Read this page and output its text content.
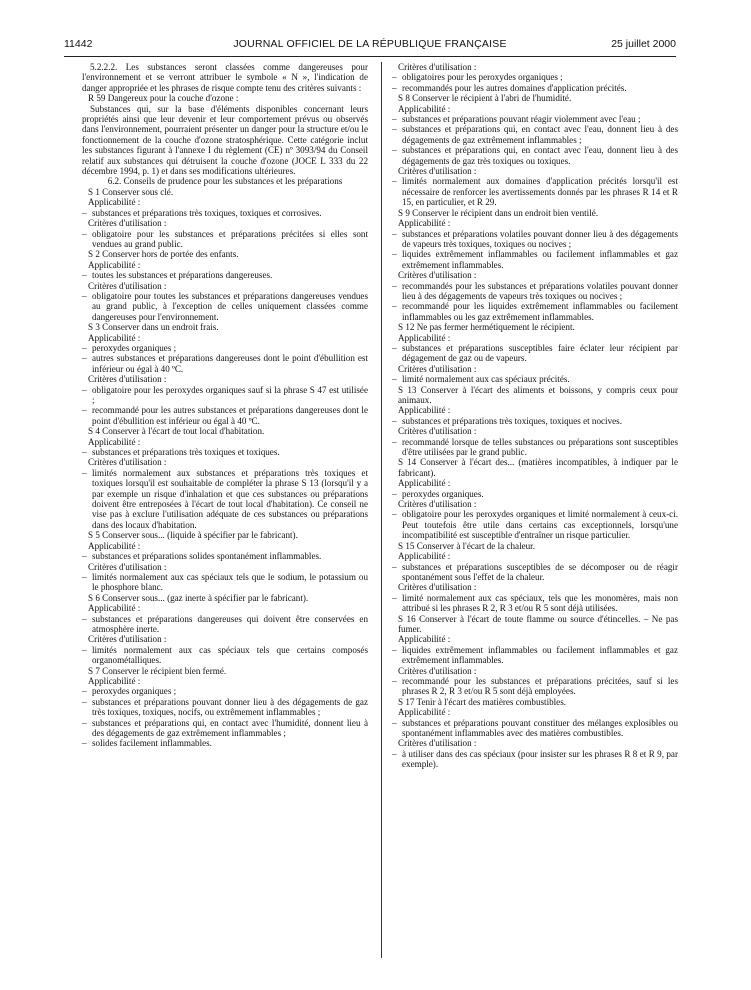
JOURNAL OFFICIEL DE LA RÉPUBLIQUE FRANÇAISE
11442	25 juillet 2000

5.2.2.2. Les substances seront classées comme dangereuses pour l'environnement et se verront attribuer le symbole « N », l'indication de danger appropriée et les phrases de risque compte tenu des critères suivants :

R 59 Dangereux pour la couche d'ozone :

Substances qui, sur la base d'éléments disponibles concernant leurs propriétés ainsi que leur devenir et leur comportement prévus ou observés dans l'environnement, pourraient présenter un danger pour la structure et/ou le fonctionnement de la couche d'ozone stratosphérique. Cette catégorie inclut les substances figurant à l'annexe I du règlement (CE) nº 3093/94 du Conseil relatif aux substances qui détruisent la couche d'ozone (JOCE L 333 du 22 décembre 1994, p. 1) et dans ses modifications ultérieures.

6.2. Conseils de prudence pour les substances et les préparations

S 1 Conserver sous clé.

Applicabilité :

– substances et préparations très toxiques, toxiques et corrosives.

Critères d'utilisation :

– obligatoire pour les substances et préparations précitées si elles sont vendues au grand public.

S 2 Conserver hors de portée des enfants.

Applicabilité :

– toutes les substances et préparations dangereuses.

Critères d'utilisation :

– obligatoire pour toutes les substances et préparations dangereuses vendues au grand public, à l'exception de celles uniquement classées comme dangereuses pour l'environnement.

S 3 Conserver dans un endroit frais.

Applicabilité :

– peroxydes organiques ;

– autres substances et préparations dangereuses dont le point d'ébullition est inférieur ou égal à 40 ºC.

Critères d'utilisation :

– obligatoire pour les peroxydes organiques sauf si la phrase S 47 est utilisée ;

– recommandé pour les autres substances et préparations dangereuses dont le point d'ébullition est inférieur ou égal à 40 ºC.

S 4 Conserver à l'écart de tout local d'habitation.

Applicabilité :

– substances et préparations très toxiques et toxiques.

Critères d'utilisation :

– limités normalement aux substances et préparations très toxiques et toxiques lorsqu'il est souhaitable de compléter la phrase S 13 (lorsqu'il y a par exemple un risque d'inhalation et que ces substances ou préparations doivent être entreposées à l'écart de tout local d'habitation). Ce conseil ne vise pas à exclure l'utilisation adéquate de ces substances ou préparations dans des locaux d'habitation.

S 5 Conserver sous... (liquide à spécifier par le fabricant).

Applicabilité :

– substances et préparations solides spontanément inflammables.

Critères d'utilisation :

– limités normalement aux cas spéciaux tels que le sodium, le potassium ou le phosphore blanc.

S 6 Conserver sous... (gaz inerte à spécifier par le fabricant).

Applicabilité :

– substances et préparations dangereuses qui doivent être conservées en atmosphère inerte.

Critères d'utilisation :

– limités normalement aux cas spéciaux tels que certains composés organométalliques.

S 7 Conserver le récipient bien fermé.

Applicabilité :

– peroxydes organiques ;

– substances et préparations pouvant donner lieu à des dégagements de gaz très toxiques, toxiques, nocifs, ou extrêmement inflammables ;

– substances et préparations qui, en contact avec l'humidité, donnent lieu à des dégagements de gaz extrêmement inflammables ;

– solides facilement inflammables.

Critères d'utilisation :

– obligatoires pour les peroxydes organiques ;

– recommandés pour les autres domaines d'application précités.

S 8 Conserver le récipient à l'abri de l'humidité.

Applicabilité :

– substances et préparations pouvant réagir violemment avec l'eau ;

– substances et préparations qui, en contact avec l'eau, donnent lieu à des dégagements de gaz extrêmement inflammables ;

– substances et préparations qui, en contact avec l'eau, donnent lieu à des dégagements de gaz très toxiques ou toxiques.

Critères d'utilisation :

– limités normalement aux domaines d'application précités lorsqu'il est nécessaire de renforcer les avertissements donnés par les phrases R 14 et R 15, en particulier, et R 29.

S 9 Conserver le récipient dans un endroit bien ventilé.

Applicabilité :

– substances et préparations volatiles pouvant donner lieu à des dégagements de vapeurs très toxiques, toxiques ou nocives ;

– liquides extrêmement inflammables ou facilement inflammables et gaz extrêmement inflammables.

Critères d'utilisation :

– recommandés pour les substances et préparations volatiles pouvant donner lieu à des dégagements de vapeurs très toxiques ou nocives ;

– recommandé pour les liquides extrêmement inflammables ou facilement inflammables ou les gaz extrêmement inflammables.

S 12 Ne pas fermer hermétiquement le récipient.

Applicabilité :

– substances et préparations susceptibles faire éclater leur récipient par dégagement de gaz ou de vapeurs.

Critères d'utilisation :

– limité normalement aux cas spéciaux précités.

S 13 Conserver à l'écart des aliments et boissons, y compris ceux pour animaux.

Applicabilité :

– substances et préparations très toxiques, toxiques et nocives.

Critères d'utilisation :

– recommandé lorsque de telles substances ou préparations sont susceptibles d'être utilisées par le grand public.

S 14 Conserver à l'écart des... (matières incompatibles, à indiquer par le fabricant).

Applicabilité :

– peroxydes organiques.

Critères d'utilisation :

– obligatoire pour les peroxydes organiques et limité normalement à ceux-ci. Peut toutefois être utile dans certains cas exceptionnels, lorsqu'une incompatibilité est susceptible d'entraîner un risque particulier.

S 15 Conserver à l'écart de la chaleur.

Applicabilité :

– substances et préparations susceptibles de se décomposer ou de réagir spontanément sous l'effet de la chaleur.

Critères d'utilisation :

– limité normalement aux cas spéciaux, tels que les monomères, mais non attribué si les phrases R 2, R 3 et/ou R 5 sont déjà utilisées.

S 16 Conserver à l'écart de toute flamme ou source d'étincelles. – Ne pas fumer.

Applicabilité :

– liquides extrêmement inflammables ou facilement inflammables et gaz extrêmement inflammables.

Critères d'utilisation :

– recommandé pour les substances et préparations précitées, sauf si les phrases R 2, R 3 et/ou R 5 sont déjà employées.

S 17 Tenir à l'écart des matières combustibles.

Applicabilité :

– substances et préparations pouvant constituer des mélanges explosibles ou spontanément inflammables avec des matières combustibles.

Critères d'utilisation :

– à utiliser dans des cas spéciaux (pour insister sur les phrases R 8 et R 9, par exemple).
